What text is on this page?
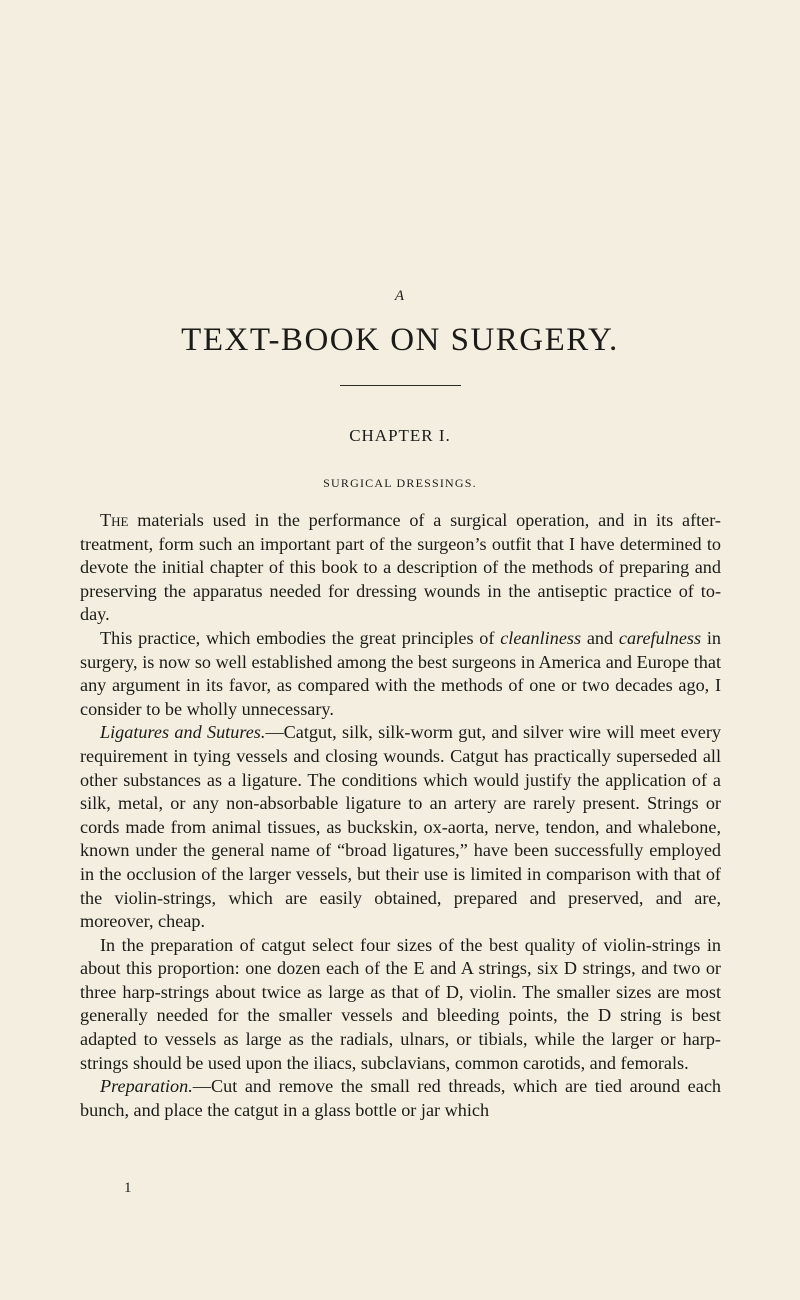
A
TEXT-BOOK ON SURGERY.
CHAPTER I.
SURGICAL DRESSINGS.

The materials used in the performance of a surgical operation, and in its after-treatment, form such an important part of the surgeon’s outfit that I have determined to devote the initial chapter of this book to a description of the methods of preparing and preserving the apparatus needed for dressing wounds in the antiseptic practice of to-day.

This practice, which embodies the great principles of cleanliness and carefulness in surgery, is now so well established among the best surgeons in America and Europe that any argument in its favor, as compared with the methods of one or two decades ago, I consider to be wholly unnecessary.

Ligatures and Sutures.—Catgut, silk, silk-worm gut, and silver wire will meet every requirement in tying vessels and closing wounds. Catgut has practically superseded all other substances as a ligature. The conditions which would justify the application of a silk, metal, or any non-absorbable ligature to an artery are rarely present. Strings or cords made from animal tissues, as buckskin, ox-aorta, nerve, tendon, and whalebone, known under the general name of “broad ligatures,” have been successfully employed in the occlusion of the larger vessels, but their use is limited in comparison with that of the violin-strings, which are easily obtained, prepared and preserved, and are, moreover, cheap.

In the preparation of catgut select four sizes of the best quality of violin-strings in about this proportion: one dozen each of the E and A strings, six D strings, and two or three harp-strings about twice as large as that of D, violin. The smaller sizes are most generally needed for the smaller vessels and bleeding points, the D string is best adapted to vessels as large as the radials, ulnars, or tibials, while the larger or harp-strings should be used upon the iliacs, subclavians, common carotids, and femorals.

Preparation.—Cut and remove the small red threads, which are tied around each bunch, and place the catgut in a glass bottle or jar which

1
